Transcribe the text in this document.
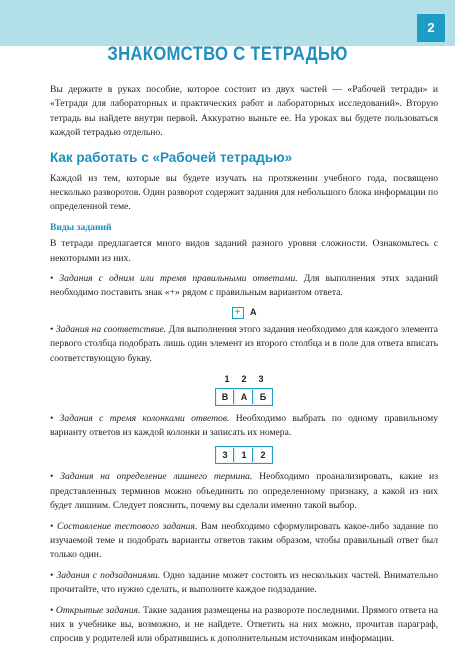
2
ЗНАКОМСТВО С ТЕТРАДЬЮ

Вы держите в руках пособие, которое состоит из двух частей — «Рабочей тетради» и «Тетради для лабораторных и практических работ и лабораторных исследований». Вторую тетрадь вы найдете внутри первой. Аккуратно выньте ее. На уроках вы будете пользоваться каждой тетрадью отдельно.

Как работать с «Рабочей тетрадью»

Каждой из тем, которые вы будете изучать на протяжении учебного года, посвящено несколько разворотов. Один разворот содержит задания для небольшого блока информации по определенной теме.

Виды заданий

В тетради предлагается много видов заданий разного уровня сложности. Ознакомьтесь с некоторыми из них.

• Задания с одним или тремя правильными ответами. Для выполнения этих заданий необходимо поставить знак «+» рядом с правильным вариантом ответа.

+ А

• Задания на соответствие. Для выполнения этого задания необходимо для каждого элемента первого столбца подобрать лишь один элемент из второго столбца и в поле для ответа вписать соответствующую букву.

1 2 3
В	А	Б

• Задания с тремя колонками ответов. Необходимо выбрать по одному правильному варианту ответов из каждой колонки и записать их номера.

3	1	2

• Задания на определение лишнего термина. Необходимо проанализировать, какие из представленных терминов можно объединить по определенному признаку, а какой из них будет лишним. Следует пояснить, почему вы сделали именно такой выбор.

• Составление тестового задания. Вам необходимо сформулировать какое-либо задание по изучаемой теме и подобрать варианты ответов таким образом, чтобы правильный ответ был только один.

• Задания с подзаданиями. Одно задание может состоять из нескольких частей. Внимательно прочитайте, что нужно сделать, и выполните каждое подзадание.

• Открытые задания. Такие задания размещены на развороте последними. Прямого ответа на них в учебнике вы, возможно, и не найдете. Ответить на них можно, прочитав параграф, спросив у родителей или обратившись к дополнительным источникам информации.
